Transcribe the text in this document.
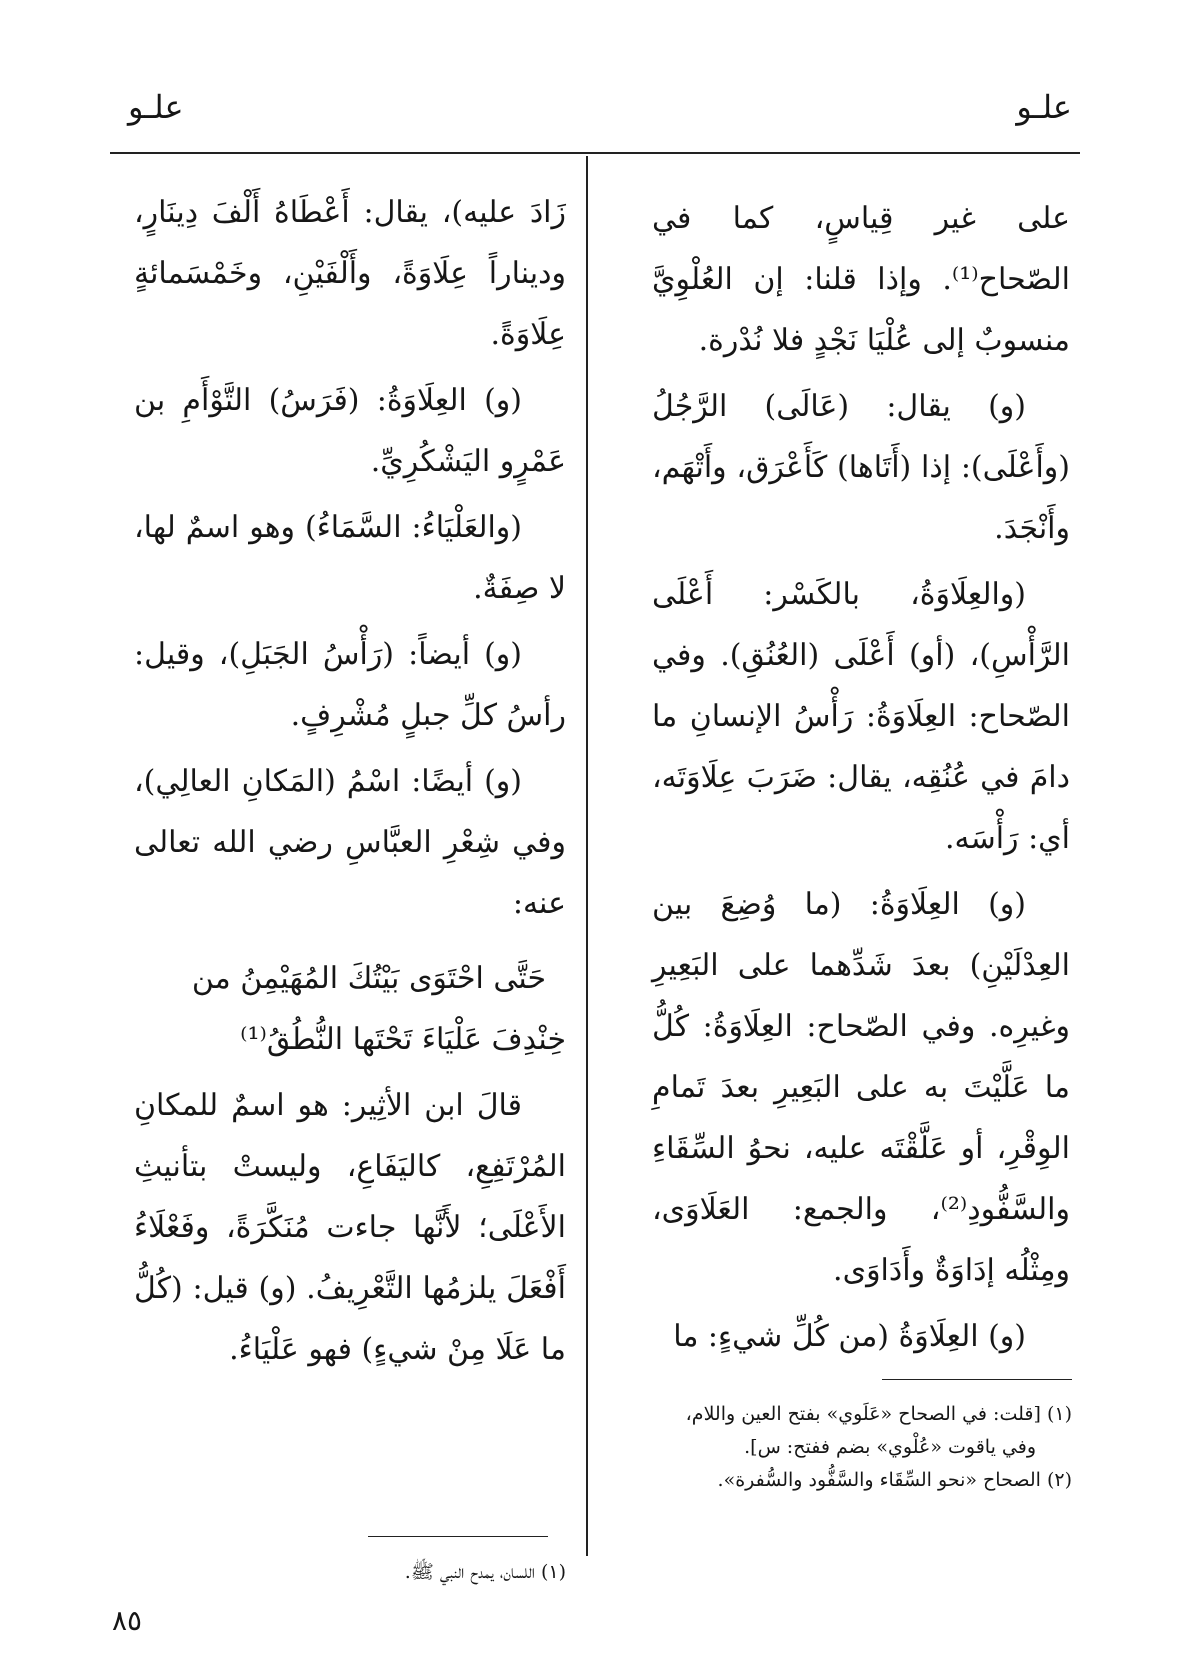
علـو
علـو

على غير قِياسٍ، كما في الصّحاح⁽¹⁾. وإذا قلنا: إن العُلْوِيَّ منسوبٌ إلى عُلْيَا نَجْدٍ فلا نُدْرة.

(و) يقال: (عَالَى) الرَّجُلُ (وأَعْلَى): إذا (أَتَاها) كَأَعْرَق، وأَتْهَم، وأَنْجَدَ.

(والعِلَاوَةُ، بالكَسْر: أَعْلَى الرَّأْسِ)، (أو) أَعْلَى (العُنُقِ). وفي الصّحاح: العِلَاوَةُ: رَأْسُ الإنسانِ ما دامَ في عُنُقِه، يقال: ضَرَبَ عِلَاوَتَه، أي: رَأْسَه.

(و) العِلَاوَةُ: (ما وُضِعَ بين العِدْلَيْنِ) بعدَ شَدِّهما على البَعِيرِ وغيرِه. وفي الصّحاح: العِلَاوَةُ: كُلُّ ما عَلَّيْتَ به على البَعِيرِ بعدَ تَمامِ الوِقْرِ، أو عَلَّقْتَه عليه، نحوُ السِّقَاءِ والسَّفُّودِ⁽²⁾، والجمع: العَلَاوَى، ومِثْلُه إدَاوَةٌ وأَدَاوَى.

(و) العِلَاوَةُ (من كُلِّ شيءٍ: ما

زَادَ عليه)، يقال: أَعْطَاهُ أَلْفَ دِينَارٍ، وديناراً عِلَاوَةً، وأَلْفَيْنِ، وخَمْسَمائةٍ عِلَاوَةً.

(و) العِلَاوَةُ: (فَرَسُ) التَّوْأَمِ بن عَمْرٍو اليَشْكُرِيِّ.

(والعَلْيَاءُ: السَّمَاءُ) وهو اسمٌ لها، لا صِفَةٌ.

(و) أيضاً: (رَأْسُ الجَبَلِ)، وقيل: رأسُ كلِّ جبلٍ مُشْرِفٍ.

(و) أيضًا: اسْمُ (المَكانِ العالِي)، وفي شِعْرِ العبَّاسِ رضي الله تعالى عنه:

حَتَّى احْتَوَى بَيْتُكَ المُهَيْمِنُ من
خِنْدِفَ عَلْيَاءَ تَحْتَها النُّطُقُ⁽¹⁾

قالَ ابن الأثِير: هو اسمٌ للمكانِ المُرْتَفِعِ، كاليَفَاعِ، وليستْ بتأنيثِ الأَعْلَى؛ لأَنَّها جاءت مُنَكَّرَةً، وفَعْلَاءُ أَفْعَلَ يلزمُها التَّعْرِيفُ. (و) قيل: (كُلُّ ما عَلَا مِنْ شيءٍ) فهو عَلْيَاءُ.

(١) [قلت: في الصحاح «عَلَوي» بفتح العين واللام،
وفي ياقوت «عُلْوي» بضم ففتح: س].
(٢) الصحاح «نحو السِّقَاء والسَّفُّود والسُّفرة».
(١) اللسان، يمدح النبي ﷺ.
٨٥
